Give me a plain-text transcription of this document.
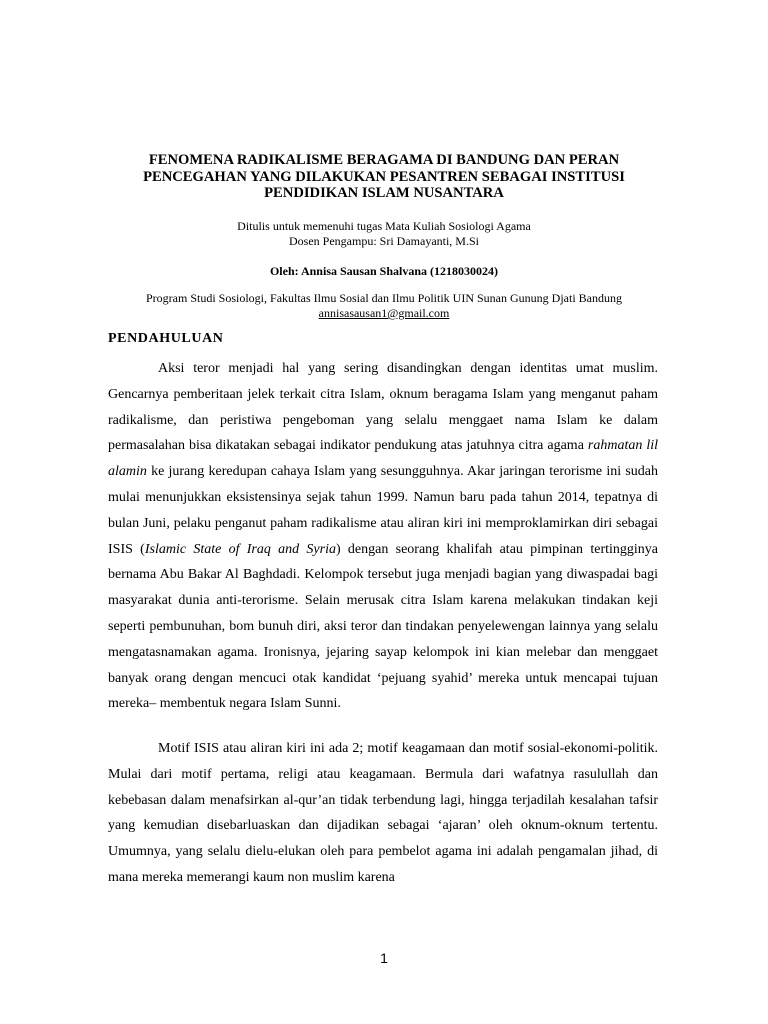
FENOMENA RADIKALISME BERAGAMA DI BANDUNG DAN PERAN
PENCEGAHAN YANG DILAKUKAN PESANTREN SEBAGAI INSTITUSI
PENDIDIKAN ISLAM NUSANTARA

Ditulis untuk memenuhi tugas Mata Kuliah Sosiologi Agama
Dosen Pengampu: Sri Damayanti, M.Si

Oleh: Annisa Sausan Shalvana (1218030024)

Program Studi Sosiologi, Fakultas Ilmu Sosial dan Ilmu Politik UIN Sunan Gunung Djati Bandung
annisasausan1@gmail.com

PENDAHULUAN

Aksi teror menjadi hal yang sering disandingkan dengan identitas umat muslim. Gencarnya pemberitaan jelek terkait citra Islam, oknum beragama Islam yang menganut paham radikalisme, dan peristiwa pengeboman yang selalu menggaet nama Islam ke dalam permasalahan bisa dikatakan sebagai indikator pendukung atas jatuhnya citra agama rahmatan lil alamin ke jurang keredupan cahaya Islam yang sesungguhnya. Akar jaringan terorisme ini sudah mulai menunjukkan eksistensinya sejak tahun 1999. Namun baru pada tahun 2014, tepatnya di bulan Juni, pelaku penganut paham radikalisme atau aliran kiri ini memproklamirkan diri sebagai ISIS (Islamic State of Iraq and Syria) dengan seorang khalifah atau pimpinan tertingginya bernama Abu Bakar Al Baghdadi. Kelompok tersebut juga menjadi bagian yang diwaspadai bagi masyarakat dunia anti-terorisme. Selain merusak citra Islam karena melakukan tindakan keji seperti pembunuhan, bom bunuh diri, aksi teror dan tindakan penyelewengan lainnya yang selalu mengatasnamakan agama. Ironisnya, jejaring sayap kelompok ini kian melebar dan menggaet banyak orang dengan mencuci otak kandidat ‘pejuang syahid’ mereka untuk mencapai tujuan mereka– membentuk negara Islam Sunni.

Motif ISIS atau aliran kiri ini ada 2; motif keagamaan dan motif sosial-ekonomi-politik. Mulai dari motif pertama, religi atau keagamaan. Bermula dari wafatnya rasulullah dan kebebasan dalam menafsirkan al-qur’an tidak terbendung lagi, hingga terjadilah kesalahan tafsir yang kemudian disebarluaskan dan dijadikan sebagai ‘ajaran’ oleh oknum-oknum tertentu. Umumnya, yang selalu dielu-elukan oleh para pembelot agama ini adalah pengamalan jihad, di mana mereka memerangi kaum non muslim karena

1
